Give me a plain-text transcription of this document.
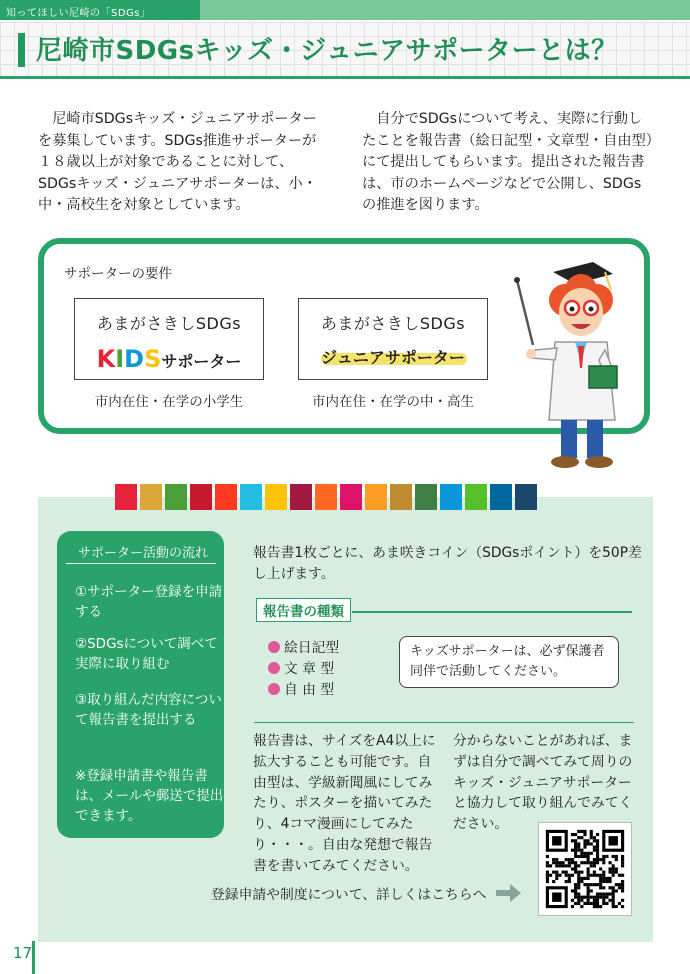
知ってほしい尼崎の「SDGs」
尼崎市SDGsキッズ・ジュニアサポーターとは？
尼崎市SDGsキッズ・ジュニアサポーターを募集しています。SDGs推進サポーターが１８歳以上が対象であることに対して、SDGsキッズ・ジュニアサポーターは、小・中・高校生を対象としています。
自分でSDGsについて考え、実際に行動したことを報告書（絵日記型・文章型・自由型）にて提出してもらいます。提出された報告書は、市のホームページなどで公開し、SDGsの推進を図ります。
サポーターの要件
あまがさきしSDGs
KIDSサポーター
市内在住・在学の小学生
あまがさきしSDGs
ジュニアサポーター
市内在住・在学の中・高生
サポーター活動の流れ
①サポーター登録を申請する
②SDGsについて調べて実際に取り組む
③取り組んだ内容について報告書を提出する
※登録申請書や報告書は、メールや郵送で提出できます。
報告書1枚ごとに、あま咲きコイン（SDGsポイント）を50P差し上げます。
報告書の種類
絵日記型
文 章 型
自 由 型
キッズサポーターは、必ず保護者同伴で活動してください。
報告書は、サイズをA4以上に拡大することも可能です。自由型は、学級新聞風にしてみたり、ポスターを描いてみたり、4コマ漫画にしてみたり・・・。自由な発想で報告書を書いてみてください。
分からないことがあれば、まずは自分で調べてみて周りのキッズ・ジュニアサポーターと協力して取り組んでみてください。
登録申請や制度について、詳しくはこちらへ
17
